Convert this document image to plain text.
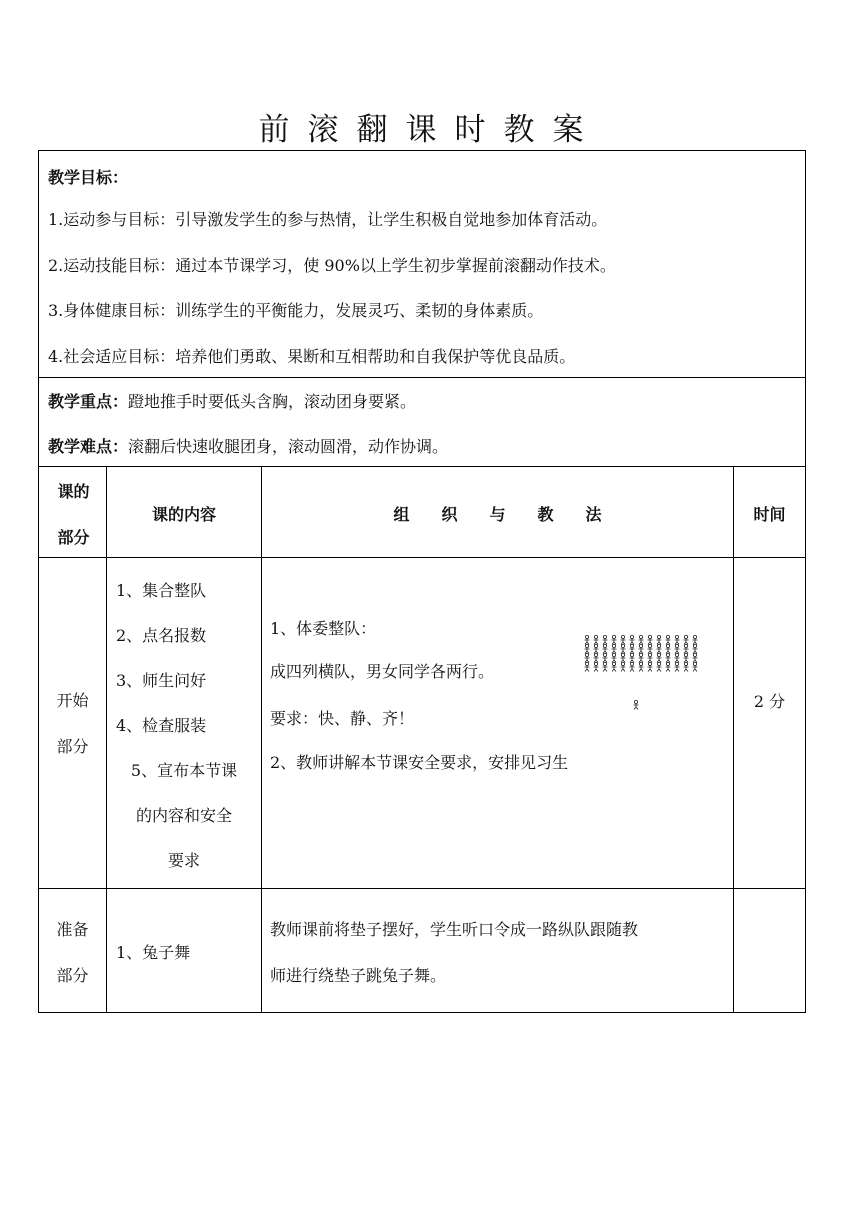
前滚翻课时教案
教学目标：
1.运动参与目标：引导激发学生的参与热情，让学生积极自觉地参加体育活动。
2.运动技能目标：通过本节课学习，使 90%以上学生初步掌握前滚翻动作技术。
3.身体健康目标：训练学生的平衡能力，发展灵巧、柔韧的身体素质。
4.社会适应目标：培养他们勇敢、果断和互相帮助和自我保护等优良品质。
教学重点：蹬地推手时要低头含胸，滚动团身要紧。
教学难点：滚翻后快速收腿团身，滚动圆滑，动作协调。
课的
部分
课的内容	组　　织　　与　　教　　法	时间
开始
部分
1、集合整队
2、点名报数
3、师生问好
4、检查服装
5、宣布本节课
的内容和安全
要求
1、体委整队：
成四列横队，男女同学各两行。
要求：快、静、齐！
2、教师讲解本节课安全要求，安排见习生
2 分
准备
部分
1、兔子舞
教师课前将垫子摆好，学生听口令成一路纵队跟随教
师进行绕垫子跳兔子舞。
